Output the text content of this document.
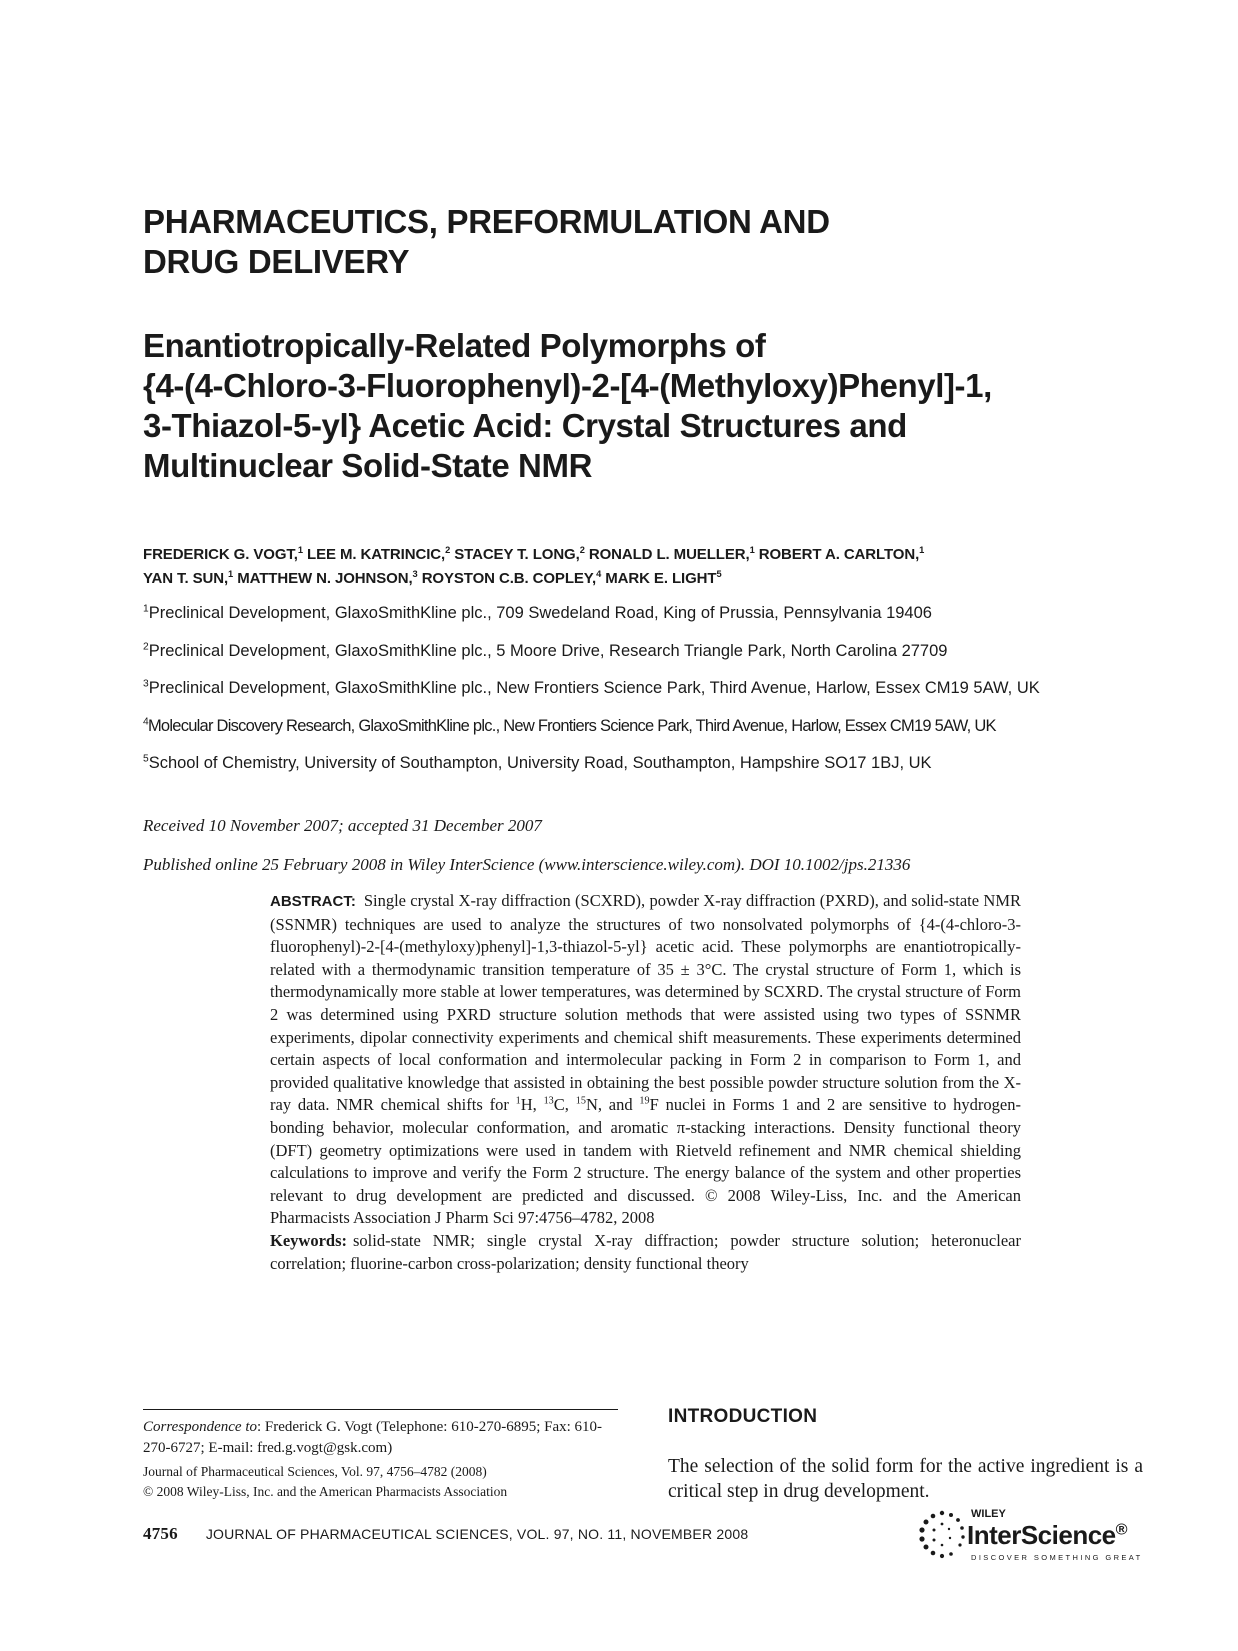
PHARMACEUTICS, PREFORMULATION AND
DRUG DELIVERY
Enantiotropically-Related Polymorphs of
{4-(4-Chloro-3-Fluorophenyl)-2-[4-(Methyloxy)Phenyl]-1,
3-Thiazol-5-yl} Acetic Acid: Crystal Structures and
Multinuclear Solid-State NMR
FREDERICK G. VOGT,$^1$ LEE M. KATRINCIC,$^2$ STACEY T. LONG,$^2$ RONALD L. MUELLER,$^1$ ROBERT A. CARLTON,$^1$
YAN T. SUN,$^1$ MATTHEW N. JOHNSON,$^3$ ROYSTON C.B. COPLEY,$^4$ MARK E. LIGHT$^5$
$^1$Preclinical Development, GlaxoSmithKline plc., 709 Swedeland Road, King of Prussia, Pennsylvania 19406
$^2$Preclinical Development, GlaxoSmithKline plc., 5 Moore Drive, Research Triangle Park, North Carolina 27709
$^3$Preclinical Development, GlaxoSmithKline plc., New Frontiers Science Park, Third Avenue, Harlow, Essex CM19 5AW, UK
$^4$Molecular Discovery Research, GlaxoSmithKline plc., New Frontiers Science Park, Third Avenue, Harlow, Essex CM19 5AW, UK
$^5$School of Chemistry, University of Southampton, University Road, Southampton, Hampshire SO17 1BJ, UK
Received 10 November 2007; accepted 31 December 2007
Published online 25 February 2008 in Wiley InterScience (www.interscience.wiley.com). DOI 10.1002/jps.21336
ABSTRACT: Single crystal X-ray diffraction (SCXRD), powder X-ray diffraction (PXRD), and solid-state NMR (SSNMR) techniques are used to analyze the structures of two nonsolvated polymorphs of {4-(4-chloro-3-fluorophenyl)-2-[4-(methyloxy)phenyl]-1,3-thiazol-5-yl} acetic acid. These polymorphs are enantiotropically-related with a thermodynamic transition temperature of 35 ± 3°C. The crystal structure of Form 1, which is thermodynamically more stable at lower temperatures, was determined by SCXRD. The crystal structure of Form 2 was determined using PXRD structure solution methods that were assisted using two types of SSNMR experiments, dipolar connectivity experiments and chemical shift measurements. These experiments determined certain aspects of local conformation and intermolecular packing in Form 2 in comparison to Form 1, and provided qualitative knowledge that assisted in obtaining the best possible powder structure solution from the X-ray data. NMR chemical shifts for $^1$H, $^{13}$C, $^{15}$N, and $^{19}$F nuclei in Forms 1 and 2 are sensitive to hydrogen-bonding behavior, molecular conformation, and aromatic π-stacking interactions. Density functional theory (DFT) geometry optimizations were used in tandem with Rietveld refinement and NMR chemical shielding calculations to improve and verify the Form 2 structure. The energy balance of the system and other properties relevant to drug development are predicted and discussed. © 2008 Wiley-Liss, Inc. and the American Pharmacists Association J Pharm Sci 97:4756–4782, 2008
Keywords: solid-state NMR; single crystal X-ray diffraction; powder structure solution; heteronuclear correlation; fluorine-carbon cross-polarization; density functional theory
Correspondence to: Frederick G. Vogt (Telephone: 610-270-6895; Fax: 610-270-6727; E-mail: fred.g.vogt@gsk.com)
Journal of Pharmaceutical Sciences, Vol. 97, 4756–4782 (2008)
© 2008 Wiley-Liss, Inc. and the American Pharmacists Association
INTRODUCTION
The selection of the solid form for the active ingredient is a critical step in drug development.
4756 JOURNAL OF PHARMACEUTICAL SCIENCES, VOL. 97, NO. 11, NOVEMBER 2008
WILEY
InterScience®
DISCOVER SOMETHING GREAT
